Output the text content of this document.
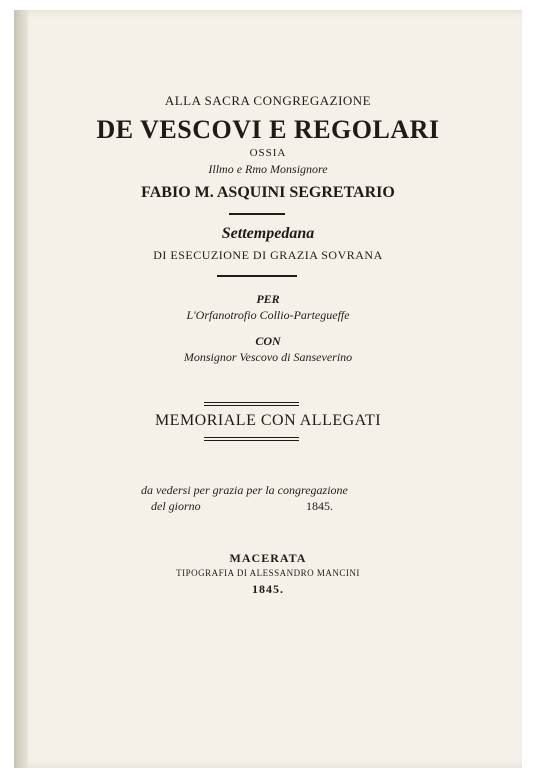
ALLA SACRA CONGREGAZIONE
DE VESCOVI E REGOLARI
OSSIA
Illmo e Rmo Monsignore
FABIO M. ASQUINI SEGRETARIO
Settempedana
DI ESECUZIONE DI GRAZIA SOVRANA
PER
L'Orfanotrofio Collio-Partegueffe
CON
Monsignor Vescovo di Sanseverino
MEMORIALE CON ALLEGATI
da vedersi per grazia per la congregazione
del giorno	1845.
MACERATA
TIPOGRAFIA DI ALESSANDRO MANCINI
1845.
